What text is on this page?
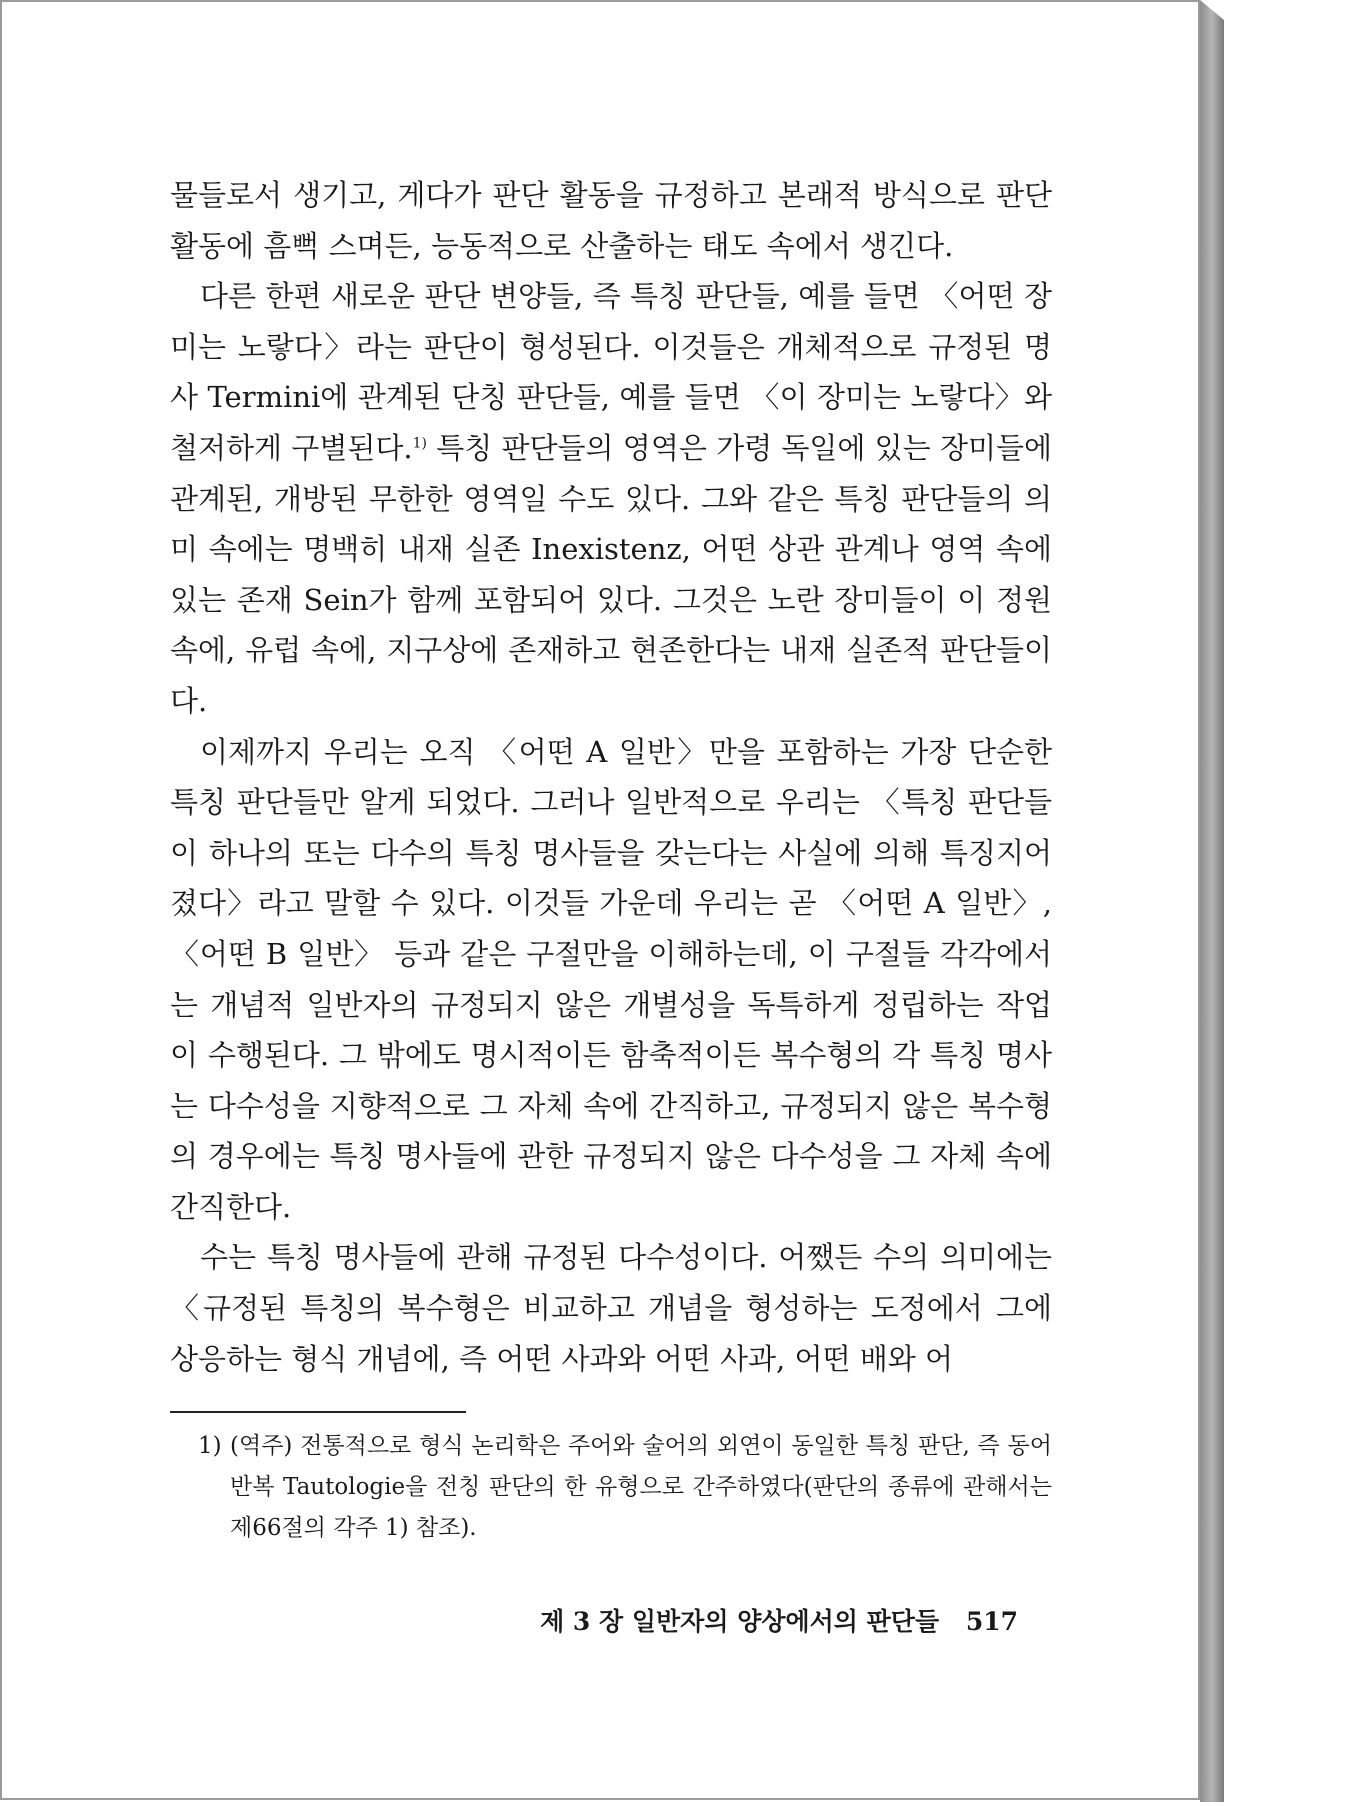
물들로서 생기고, 게다가 판단 활동을 규정하고 본래적 방식으로 판단 활동에 흠뻑 스며든, 능동적으로 산출하는 태도 속에서 생긴다.

다른 한편 새로운 판단 변양들, 즉 특칭 판단들, 예를 들면 〈어떤 장미는 노랗다〉라는 판단이 형성된다. 이것들은 개체적으로 규정된 명사 Termini에 관계된 단칭 판단들, 예를 들면 〈이 장미는 노랗다〉와 철저하게 구별된다.$^{1)}$ 특칭 판단들의 영역은 가령 독일에 있는 장미들에 관계된, 개방된 무한한 영역일 수도 있다. 그와 같은 특칭 판단들의 의미 속에는 명백히 내재 실존 Inexistenz, 어떤 상관 관계나 영역 속에 있는 존재 Sein가 함께 포함되어 있다. 그것은 노란 장미들이 이 정원 속에, 유럽 속에, 지구상에 존재하고 현존한다는 내재 실존적 판단들이다.

이제까지 우리는 오직 〈어떤 A 일반〉만을 포함하는 가장 단순한 특칭 판단들만 알게 되었다. 그러나 일반적으로 우리는 〈특칭 판단들이 하나의 또는 다수의 특칭 명사들을 갖는다는 사실에 의해 특징지어졌다〉라고 말할 수 있다. 이것들 가운데 우리는 곧 〈어떤 A 일반〉, 〈어떤 B 일반〉 등과 같은 구절만을 이해하는데, 이 구절들 각각에서는 개념적 일반자의 규정되지 않은 개별성을 독특하게 정립하는 작업이 수행된다. 그 밖에도 명시적이든 함축적이든 복수형의 각 특칭 명사는 다수성을 지향적으로 그 자체 속에 간직하고, 규정되지 않은 복수형의 경우에는 특칭 명사들에 관한 규정되지 않은 다수성을 그 자체 속에 간직한다.

수는 특칭 명사들에 관해 규정된 다수성이다. 어쨌든 수의 의미에는 〈규정된 특칭의 복수형은 비교하고 개념을 형성하는 도정에서 그에 상응하는 형식 개념에, 즉 어떤 사과와 어떤 사과, 어떤 배와 어

1) (역주) 전통적으로 형식 논리학은 주어와 술어의 외연이 동일한 특칭 판단, 즉 동어 반복 Tautologie을 전칭 판단의 한 유형으로 간주하였다(판단의 종류에 관해서는 제66절의 각주 1) 참조).
제 3 장 일반자의 양상에서의 판단들 517
